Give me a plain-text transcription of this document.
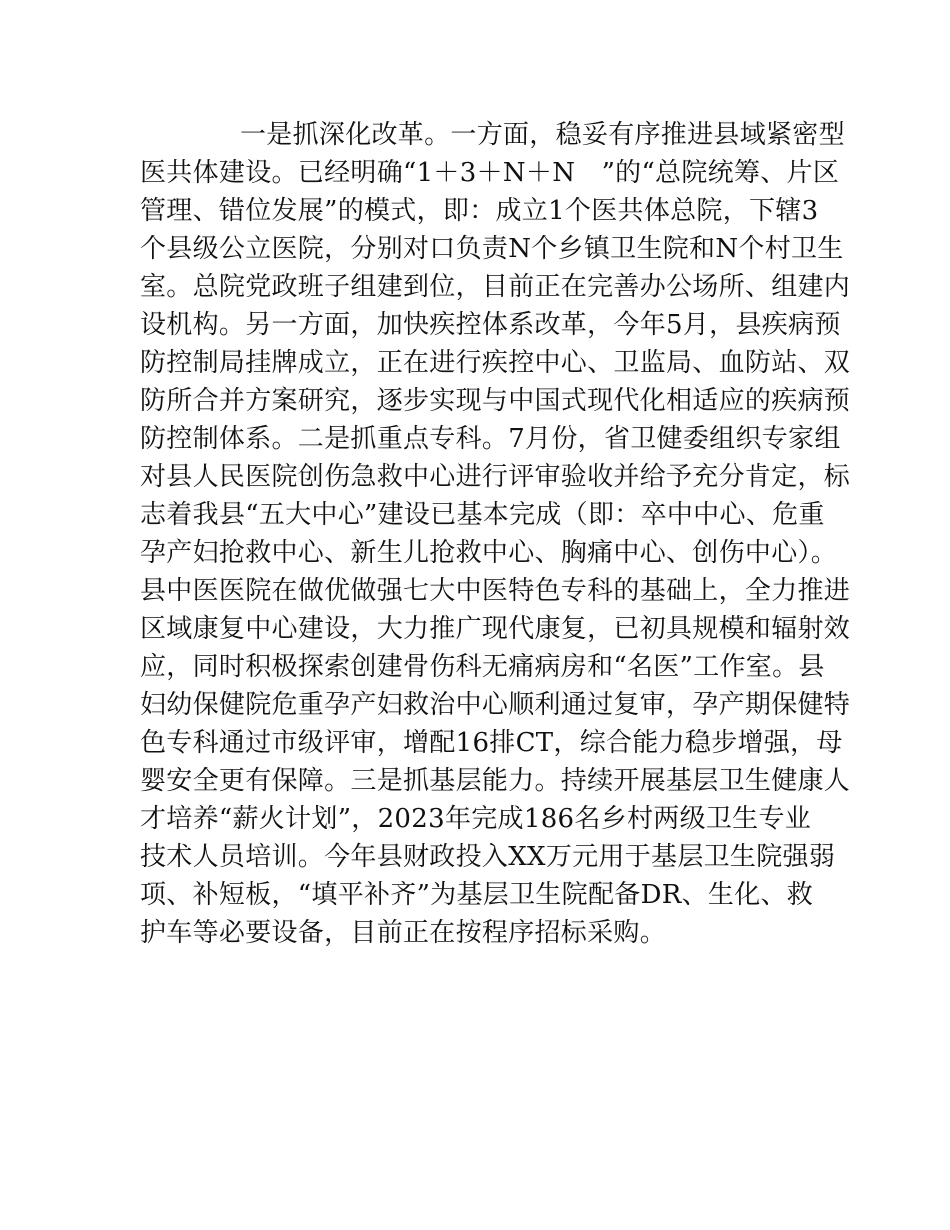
一是抓深化改革。一方面，稳妥有序推进县域紧密型
医共体建设。已经明确“1＋3＋N＋N　”的“总院统筹、片区
管理、错位发展”的模式，即：成立1个医共体总院，下辖3
个县级公立医院，分别对口负责N个乡镇卫生院和N个村卫生
室。总院党政班子组建到位，目前正在完善办公场所、组建内
设机构。另一方面，加快疾控体系改革，今年5月，县疾病预
防控制局挂牌成立，正在进行疾控中心、卫监局、血防站、双
防所合并方案研究，逐步实现与中国式现代化相适应的疾病预
防控制体系。二是抓重点专科。7月份，省卫健委组织专家组
对县人民医院创伤急救中心进行评审验收并给予充分肯定，标
志着我县“五大中心”建设已基本完成（即：卒中中心、危重
孕产妇抢救中心、新生儿抢救中心、胸痛中心、创伤中心）。
县中医医院在做优做强七大中医特色专科的基础上，全力推进
区域康复中心建设，大力推广现代康复，已初具规模和辐射效
应，同时积极探索创建骨伤科无痛病房和“名医”工作室。县
妇幼保健院危重孕产妇救治中心顺利通过复审，孕产期保健特
色专科通过市级评审，增配16排CT，综合能力稳步增强，母
婴安全更有保障。三是抓基层能力。持续开展基层卫生健康人
才培养“薪火计划”，2023年完成186名乡村两级卫生专业
技术人员培训。今年县财政投入XX万元用于基层卫生院强弱
项、补短板，“填平补齐”为基层卫生院配备DR、生化、救
护车等必要设备，目前正在按程序招标采购。
